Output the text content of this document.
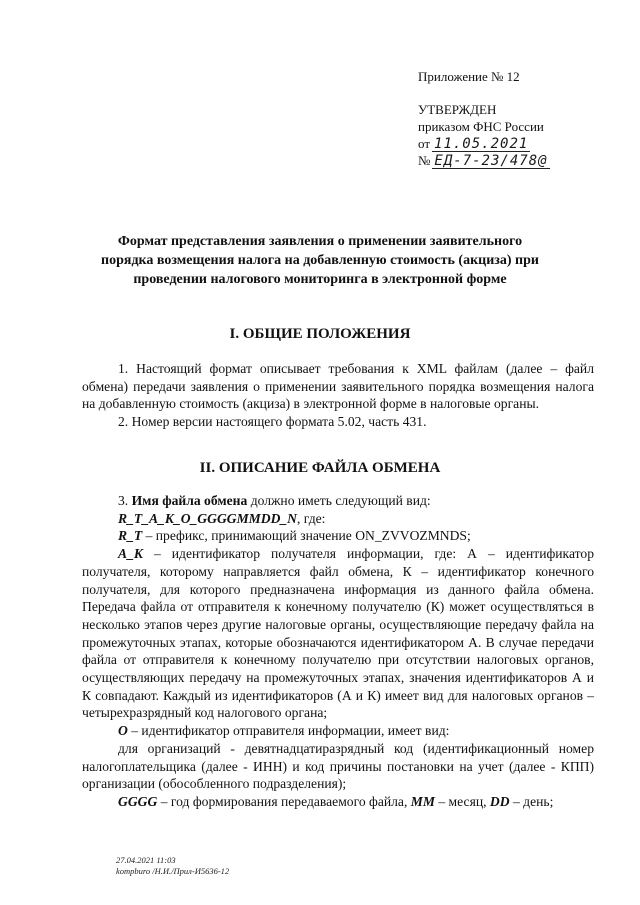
Приложение № 12
УТВЕРЖДЕН
приказом ФНС России
от 11.05.2021
№ ЕД-7-23/478@
Формат представления заявления о применении заявительного
порядка возмещения налога на добавленную стоимость (акциза) при
проведении налогового мониторинга в электронной форме
I. ОБЩИЕ ПОЛОЖЕНИЯ

1. Настоящий формат описывает требования к XML файлам (далее – файл обмена) передачи заявления о применении заявительного порядка возмещения налога на добавленную стоимость (акциза) в электронной форме в налоговые органы.

2. Номер версии настоящего формата 5.02, часть 431.

II. ОПИСАНИЕ ФАЙЛА ОБМЕНА

3. Имя файла обмена должно иметь следующий вид:

R_T_A_K_O_GGGGMMDD_N, где:

R_T – префикс, принимающий значение ON_ZVVOZMNDS;

A_K – идентификатор получателя информации, где: А – идентификатор получателя, которому направляется файл обмена, К – идентификатор конечного получателя, для которого предназначена информация из данного файла обмена. Передача файла от отправителя к конечному получателю (К) может осуществляться в несколько этапов через другие налоговые органы, осуществляющие передачу файла на промежуточных этапах, которые обозначаются идентификатором А. В случае передачи файла от отправителя к конечному получателю при отсутствии налоговых органов, осуществляющих передачу на промежуточных этапах, значения идентификаторов А и К совпадают. Каждый из идентификаторов (А и К) имеет вид для налоговых органов – четырехразрядный код налогового органа;

O – идентификатор отправителя информации, имеет вид:

для организаций - девятнадцатиразрядный код (идентификационный номер налогоплательщика (далее - ИНН) и код причины постановки на учет (далее - КПП) организации (обособленного подразделения);

GGGG – год формирования передаваемого файла, MM – месяц, DD – день;

27.04.2021 11:03
kompburo /Н.И./Прил-И5636-12
